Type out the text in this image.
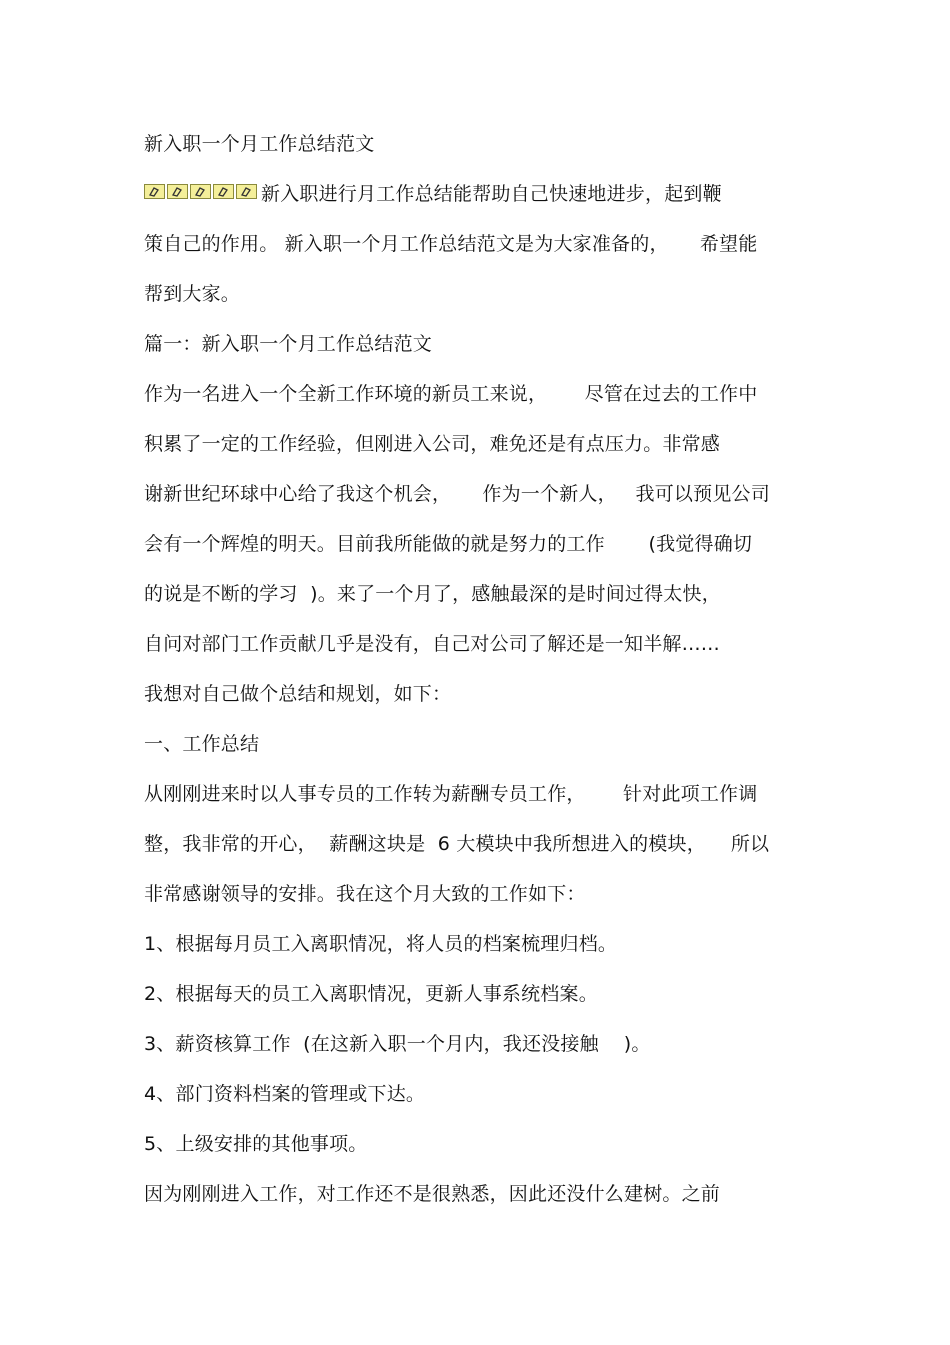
新入职一个月工作总结范文
新入职进行月工作总结能帮助自己快速地进步，起到鞭
策自己的作用。 新入职一个月工作总结范文是为大家准备的，     希望能
帮到大家。
篇一：新入职一个月工作总结范文
作为一名进入一个全新工作环境的新员工来说，      尽管在过去的工作中
积累了一定的工作经验，但刚进入公司，难免还是有点压力。非常感
谢新世纪环球中心给了我这个机会，     作为一个新人，   我可以预见公司
会有一个辉煌的明天。目前我所能做的就是努力的工作       (我觉得确切
的说是不断的学习  )。来了一个月了，感触最深的是时间过得太快，
自问对部门工作贡献几乎是没有，自己对公司了解还是一知半解……
我想对自己做个总结和规划，如下：
一、工作总结
从刚刚进来时以人事专员的工作转为薪酬专员工作，      针对此项工作调
整，我非常的开心，  薪酬这块是  6 大模块中我所想进入的模块，    所以
非常感谢领导的安排。我在这个月大致的工作如下：
1、根据每月员工入离职情况，将人员的档案梳理归档。
2、根据每天的员工入离职情况，更新人事系统档案。
3、薪资核算工作  (在这新入职一个月内，我还没接触    )。
4、部门资料档案的管理或下达。
5、上级安排的其他事项。
因为刚刚进入工作，对工作还不是很熟悉，因此还没什么建树。之前
